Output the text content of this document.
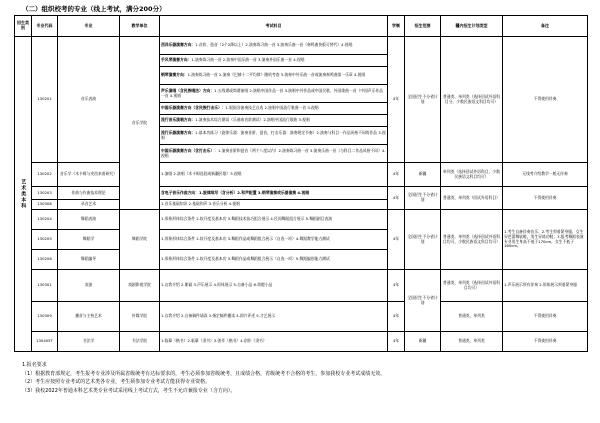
（二）组织校考的专业（线上考试，满分200分）
招生类别	专业代码	专业	教学单位	考试科目	学制	招生范围	疆内招生计划类型	备注

艺术类本科	130201	音乐表演	音乐学院	西洋乐器演奏方向：1.音阶、琶音（2个2降以上）2.演奏练习曲一首 3.演奏乐曲一首（奏鸣曲快板可替代）4.视唱	4年	全国招生不分省计划	普通类、单列类（选择回试外语科目分，少数民族语文科目均可）	不得使用伴奏
				手风琴演奏方向：1.演奏练习曲一首 2.演奏中国乐曲一首 3.演奏外国乐曲一首 4.视唱				
				钢琴演奏方向：1.演奏练习曲一首 2.演奏《巴赫十二平均律》随机考查 3.演奏中外乐曲一首或演奏奏鸣曲第一乐章 4.视唱				
				声乐演唱（含民族唱法）方向：1.五线谱或简谱演唱 2.演唱中国作品一首 3.演唱中外作品或中国民歌、外国歌曲一首（中国声乐作品一首 4.视唱				
				中国乐器演奏方向（含民族打击乐）：1.根据各演奏技艺自选 2.演唱中国流行歌曲一首 3.视唱				
				流行音乐演唱方向：1.演奏技术综合测试（乐曲或音阶测试）2.演唱中国流行歌曲 3.视唱				
				流行乐器演奏方向：1.基本功练习（旋律乐器：演奏音阶、琶音，打击乐器：演奏规定节奏）2.演奏与科目一作品风格不同的作品 3.视唱				
				中国乐器演奏方向（含打击乐）：1.演奏音阶和琶音（两个八度以内）2.演奏练习曲一首 3.演奏乐曲一首（与科目二作品风格不同）4.视唱				
	130202	音乐学（木卡姆与麦西来甫研究）		1.演唱 2.演唱（木卡姆选段或新疆民歌）3.视唱	4年	新疆	单列类（选择回试外语科目，少数民族语文科目均可）	无线考介绍教学一般无伴奏
	130203	作曲与作曲技术理论		含电子音乐作曲方向：1.旋律续写（含分析）2.和声配置 3.钢琴演奏或乐器演奏 4.视唱	4年	全国招生不分省计划	普通类、单列类（回试外语科目）	不得使用伴奏
	130308	录音艺术		1.音乐基础知识 2.基础和声 3.音乐分析 4.视唱				
	130204	舞蹈表演	舞蹈学院	1.形象形体综合条件 2.软开度及基本功 3.舞蹈技术技巧组合展示 4.民间舞蹈组合展示 5.舞蹈剧目表演	4年	全国招生不分省计划	普通类、单列类（选择回试外语科目均可，少数民族语文科目均可）	1.考生自备伴奏音乐；2.考生须着紧身服，女生穿芭蕾舞软鞋，男生穿练功鞋；3.报考舞蹈表演专业男生身高不低于170cm，女生不低于160cm。
	130205	舞蹈学		1.形象形体综合条件 2.软开度及基本功 3.舞蹈作品或舞蹈组合展示（自选一项）4.舞蹈教学能力测试				
	130206	舞蹈编导		1.形象形体综合条件 2.软开度及基本功 3.舞蹈作品或舞蹈组合展示（自选一项）5.舞蹈编创能力测试				
	130301	表演	戏剧影视学院	1.自我介绍 2.朗诵 3.声乐展示 4.形体展示 5.自备小品 6.命题小品	4年	全国招生不分省计划	普通类、单列类（选择回试外语科目均可）	1.声乐展示须有伴奏 2.形体展示须着紧身服
	130309	播音与主持艺术	传媒学院	1.自我介绍 2.自备稿件诵读 3.指定稿件播读 4.即兴评述 5.才艺展示	4年		普通类、单列类	不得使用伴奏
	130405T	书法学	书法学院	1.临摹（楷书）2.临摹（隶书）3.创作（楷书）4.创作（隶书）	4年	新疆	普通类、单列类	不得使用伴奏
1.报名要求
（1）根据教育部规定，考生报考专业涉及所属省级统考有达标要求的，考生必须参加省级统考，且成绩合格，省级统考不合格的考生，参加我校专业考试成绩无效。
（2）考生应按照专业考试的艺术类各专业，考生须参加专业考试方能获得专业资格。
（3）我校2022年普通本科艺术类专业考试采用线上考试方式，考生不允许兼报专业（含方向）。
